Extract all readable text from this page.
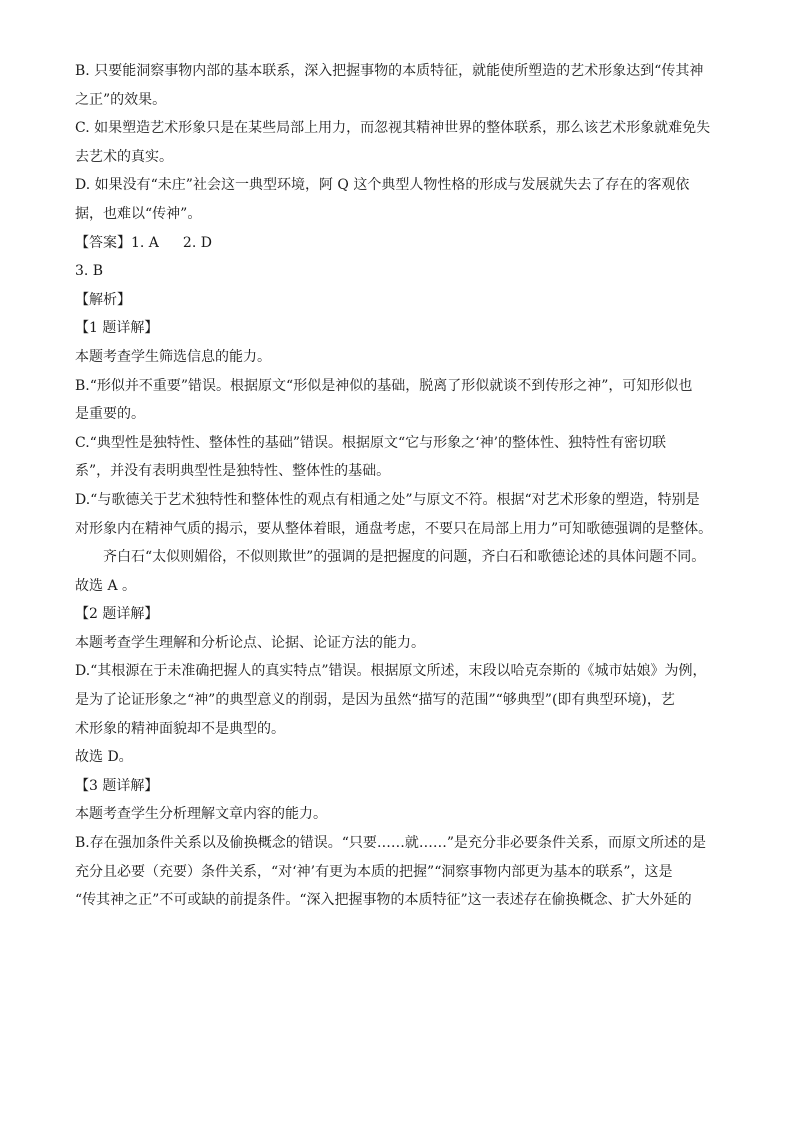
B. 只要能洞察事物内部的基本联系，深入把握事物的本质特征，就能使所塑造的艺术形象达到“传其神
之正”的效果。
C. 如果塑造艺术形象只是在某些局部上用力，而忽视其精神世界的整体联系，那么该艺术形象就难免失
去艺术的真实。
D. 如果没有“未庄”社会这一典型环境，阿 Q 这个典型人物性格的形成与发展就失去了存在的客观依
据，也难以“传神”。
【答案】1. A 2. D
3. B
【解析】
【1 题详解】
本题考查学生筛选信息的能力。
B.“形似并不重要”错误。根据原文“形似是神似的基础，脱离了形似就谈不到传形之神”，可知形似也
是重要的。
C.“典型性是独特性、整体性的基础”错误。根据原文“它与形象之‘神’的整体性、独特性有密切联
系”，并没有表明典型性是独特性、整体性的基础。
D.“与歌德关于艺术独特性和整体性的观点有相通之处”与原文不符。根据“对艺术形象的塑造，特别是
对形象内在精神气质的揭示，要从整体着眼，通盘考虑，不要只在局部上用力”可知歌德强调的是整体。
齐白石“太似则媚俗，不似则欺世”的强调的是把握度的问题，齐白石和歌德论述的具体问题不同。
故选 A 。
【2 题详解】
本题考查学生理解和分析论点、论据、论证方法的能力。
D.“其根源在于未准确把握人的真实特点”错误。根据原文所述，末段以哈克奈斯的《城市姑娘》为例，
是为了论证形象之“神”的典型意义的削弱，是因为虽然“描写的范围”“够典型”(即有典型环境)，艺
术形象的精神面貌却不是典型的。
故选 D。
【3 题详解】
本题考查学生分析理解文章内容的能力。
B.存在强加条件关系以及偷换概念的错误。“只要……就……”是充分非必要条件关系，而原文所述的是
充分且必要（充要）条件关系，“对‘神’有更为本质的把握”“洞察事物内部更为基本的联系”，这是
“传其神之正”不可或缺的前提条件。“深入把握事物的本质特征”这一表述存在偷换概念、扩大外延的
